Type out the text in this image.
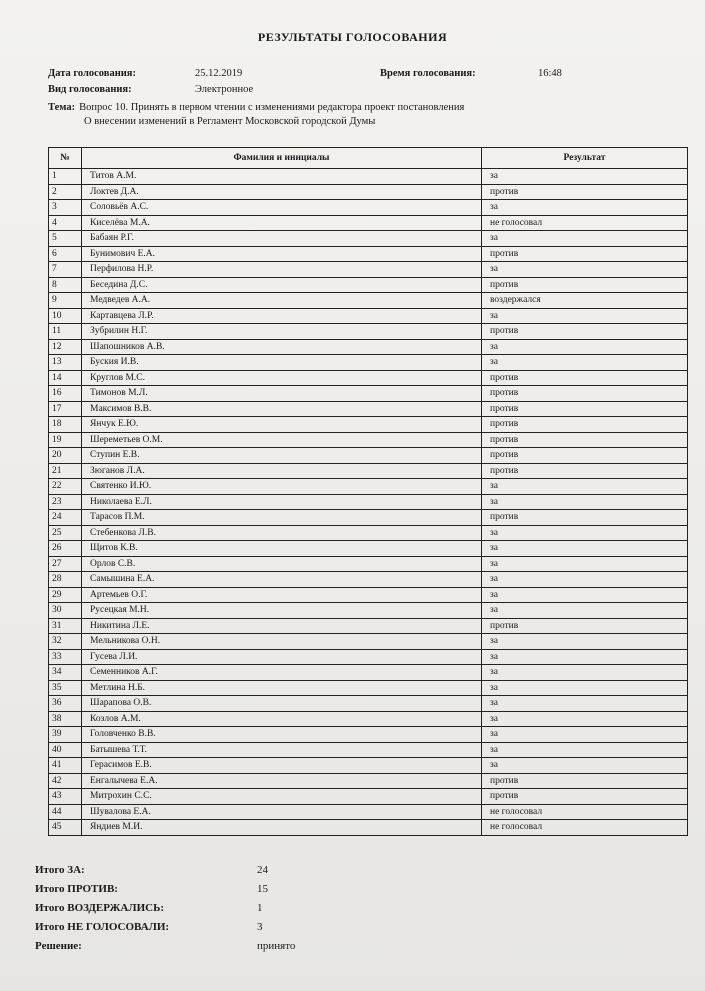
РЕЗУЛЬТАТЫ ГОЛОСОВАНИЯ
Дата голосования:	25.12.2019	Время голосования:	16:48
Вид голосования:	Электронное
Тема: Вопрос 10. Принять в первом чтении с изменениями редактора проект постановления
О внесении изменений в Регламент Московской городской Думы
№	Фамилия и инициалы	Результат
1	Титов А.М.	за
2	Локтев Д.А.	против
3	Соловьёв А.С.	за
4	Киселёва М.А.	не голосовал
5	Бабаян Р.Г.	за
6	Бунимович Е.А.	против
7	Перфилова Н.Р.	за
8	Беседина Д.С.	против
9	Медведев А.А.	воздержался
10	Картавцева Л.Р.	за
11	Зубрилин Н.Г.	против
12	Шапошников А.В.	за
13	Буския И.В.	за
14	Круглов М.С.	против
16	Тимонов М.Л.	против
17	Максимов В.В.	против
18	Янчук Е.Ю.	против
19	Шереметьев О.М.	против
20	Ступин Е.В.	против
21	Зюганов Л.А.	против
22	Святенко И.Ю.	за
23	Николаева Е.Л.	за
24	Тарасов П.М.	против
25	Стебенкова Л.В.	за
26	Щитов К.В.	за
27	Орлов С.В.	за
28	Самышина Е.А.	за
29	Артемьев О.Г.	за
30	Русецкая М.Н.	за
31	Никитина Л.Е.	против
32	Мельникова О.Н.	за
33	Гусева Л.И.	за
34	Семенников А.Г.	за
35	Метлина Н.Б.	за
36	Шарапова О.В.	за
38	Козлов А.М.	за
39	Головченко В.В.	за
40	Батышева Т.Т.	за
41	Герасимов Е.В.	за
42	Енгалычева Е.А.	против
43	Митрохин С.С.	против
44	Шувалова Е.А.	не голосовал
45	Яндиев М.И.	не голосовал
Итого ЗА:	24
Итого ПРОТИВ:	15
Итого ВОЗДЕРЖАЛИСЬ:	1
Итого НЕ ГОЛОСОВАЛИ:	3
Решение:	принято
